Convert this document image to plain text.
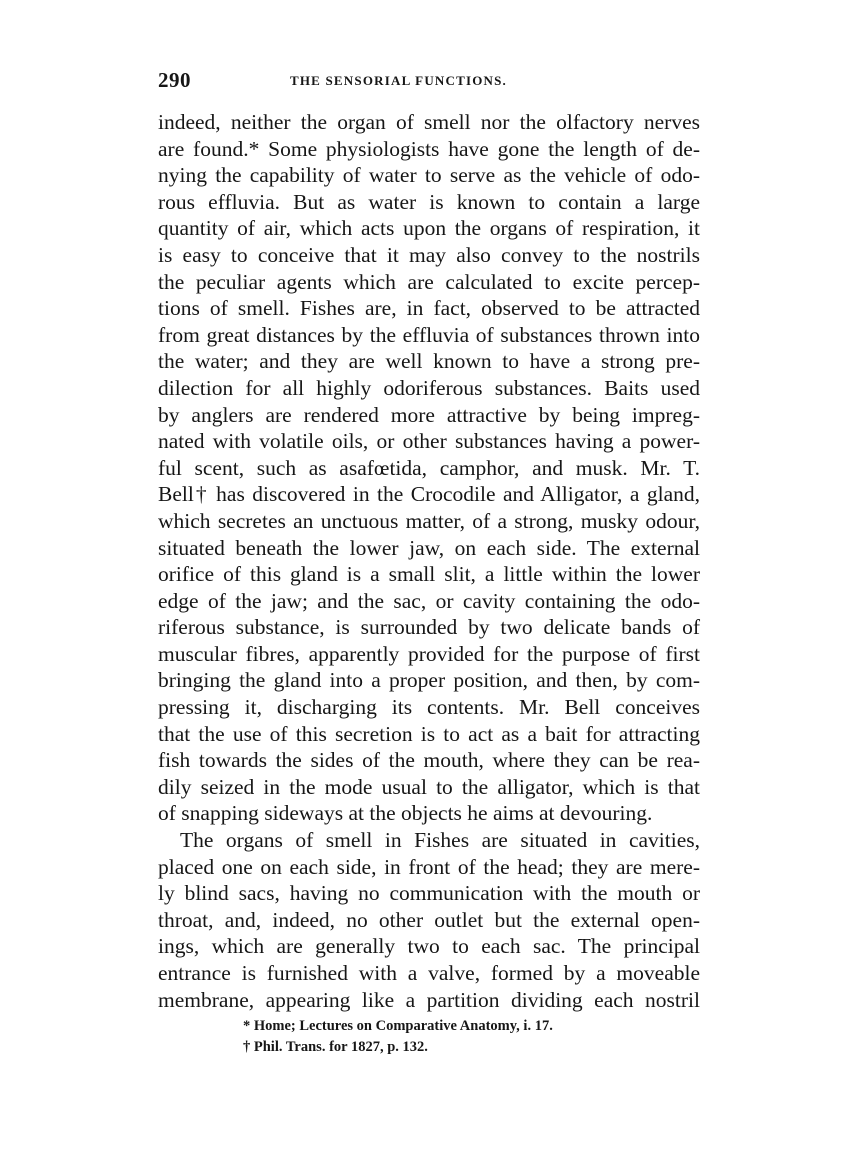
290	THE SENSORIAL FUNCTIONS.
indeed, neither the organ of smell nor the olfactory nerves
are found.* Some physiologists have gone the length of de-
nying the capability of water to serve as the vehicle of odo-
rous effluvia. But as water is known to contain a large
quantity of air, which acts upon the organs of respiration, it
is easy to conceive that it may also convey to the nostrils
the peculiar agents which are calculated to excite percep-
tions of smell. Fishes are, in fact, observed to be attracted
from great distances by the effluvia of substances thrown into
the water; and they are well known to have a strong pre-
dilection for all highly odoriferous substances. Baits used
by anglers are rendered more attractive by being impreg-
nated with volatile oils, or other substances having a power-
ful scent, such as asafœtida, camphor, and musk. Mr. T.
Bell† has discovered in the Crocodile and Alligator, a gland,
which secretes an unctuous matter, of a strong, musky odour,
situated beneath the lower jaw, on each side. The external
orifice of this gland is a small slit, a little within the lower
edge of the jaw; and the sac, or cavity containing the odo-
riferous substance, is surrounded by two delicate bands of
muscular fibres, apparently provided for the purpose of first
bringing the gland into a proper position, and then, by com-
pressing it, discharging its contents. Mr. Bell conceives
that the use of this secretion is to act as a bait for attracting
fish towards the sides of the mouth, where they can be rea-
dily seized in the mode usual to the alligator, which is that
of snapping sideways at the objects he aims at devouring.
The organs of smell in Fishes are situated in cavities,
placed one on each side, in front of the head; they are mere-
ly blind sacs, having no communication with the mouth or
throat, and, indeed, no other outlet but the external open-
ings, which are generally two to each sac. The principal
entrance is furnished with a valve, formed by a moveable
membrane, appearing like a partition dividing each nostril
* Home; Lectures on Comparative Anatomy, i. 17.
† Phil. Trans. for 1827, p. 132.
